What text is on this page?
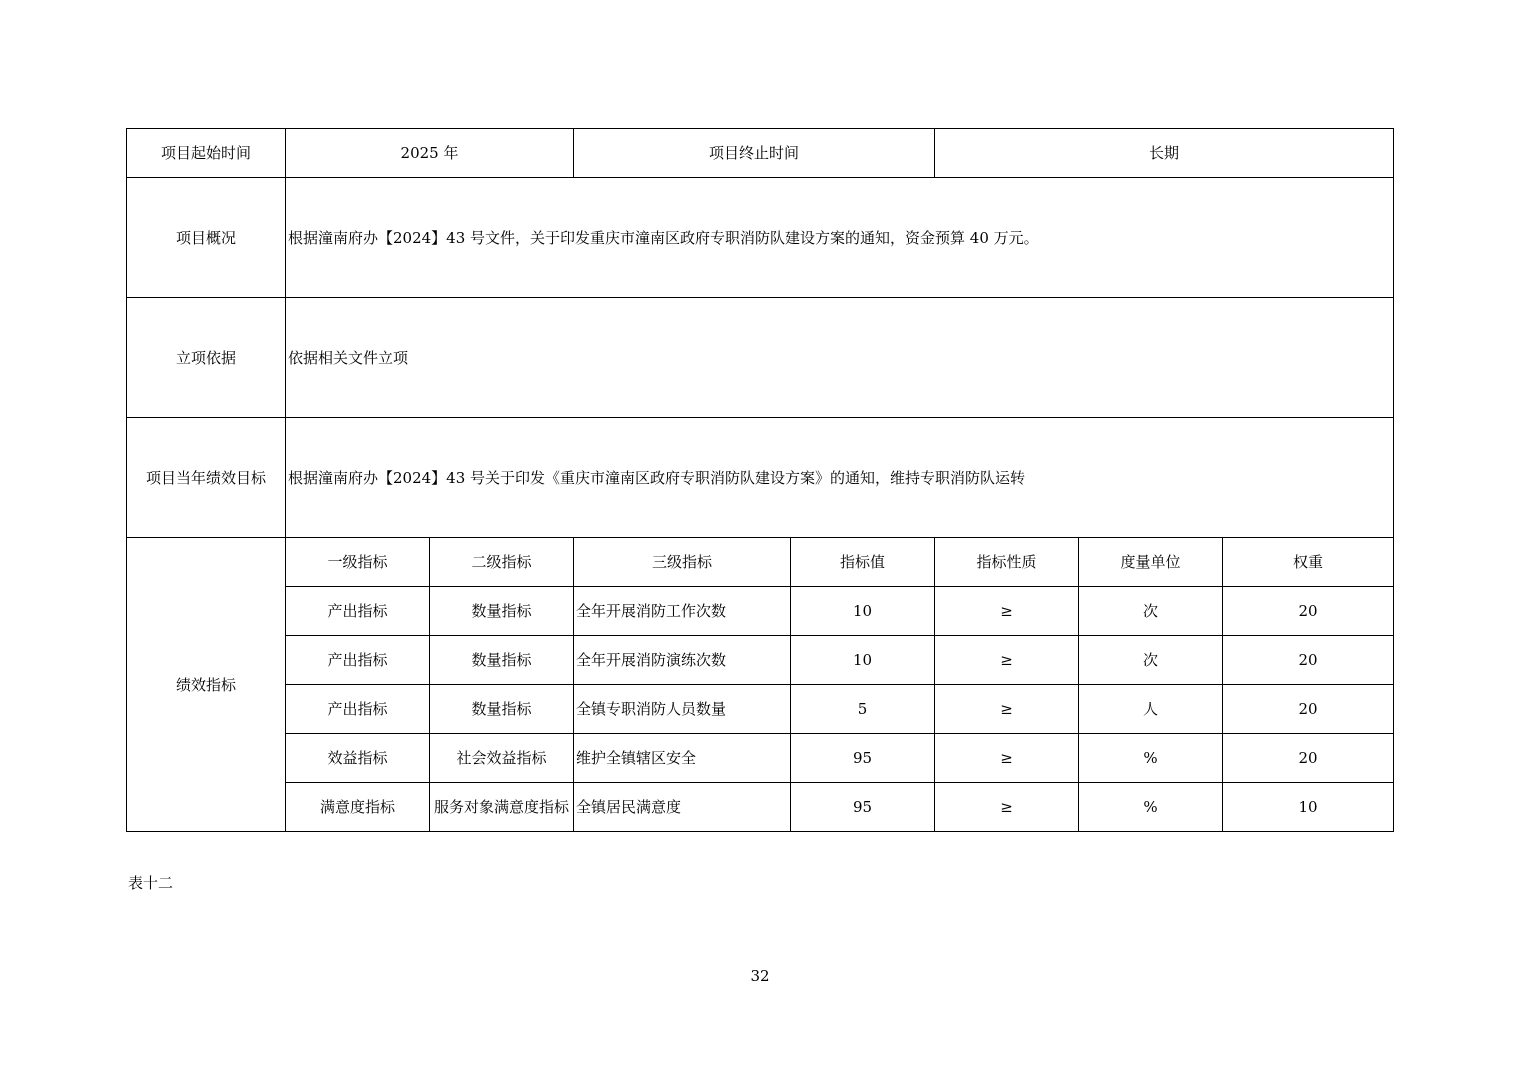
项目起始时间	2025 年		项目终止时间		长期		
项目概况	根据潼南府办【2024】43 号文件，关于印发重庆市潼南区政府专职消防队建设方案的通知，资金预算 40 万元。						
立项依据	依据相关文件立项						
项目当年绩效目标	根据潼南府办【2024】43 号关于印发《重庆市潼南区政府专职消防队建设方案》的通知，维持专职消防队运转						
绩效指标	一级指标	二级指标	三级指标	指标值	指标性质	度量单位	权重
	产出指标	数量指标	全年开展消防工作次数	10	≥	次	20
	产出指标	数量指标	全年开展消防演练次数	10	≥	次	20
	产出指标	数量指标	全镇专职消防人员数量	5	≥	人	20
	效益指标	社会效益指标	维护全镇辖区安全	95	≥	%	20
	满意度指标	服务对象满意度指标	全镇居民满意度	95	≥	%	10
表十二
32
